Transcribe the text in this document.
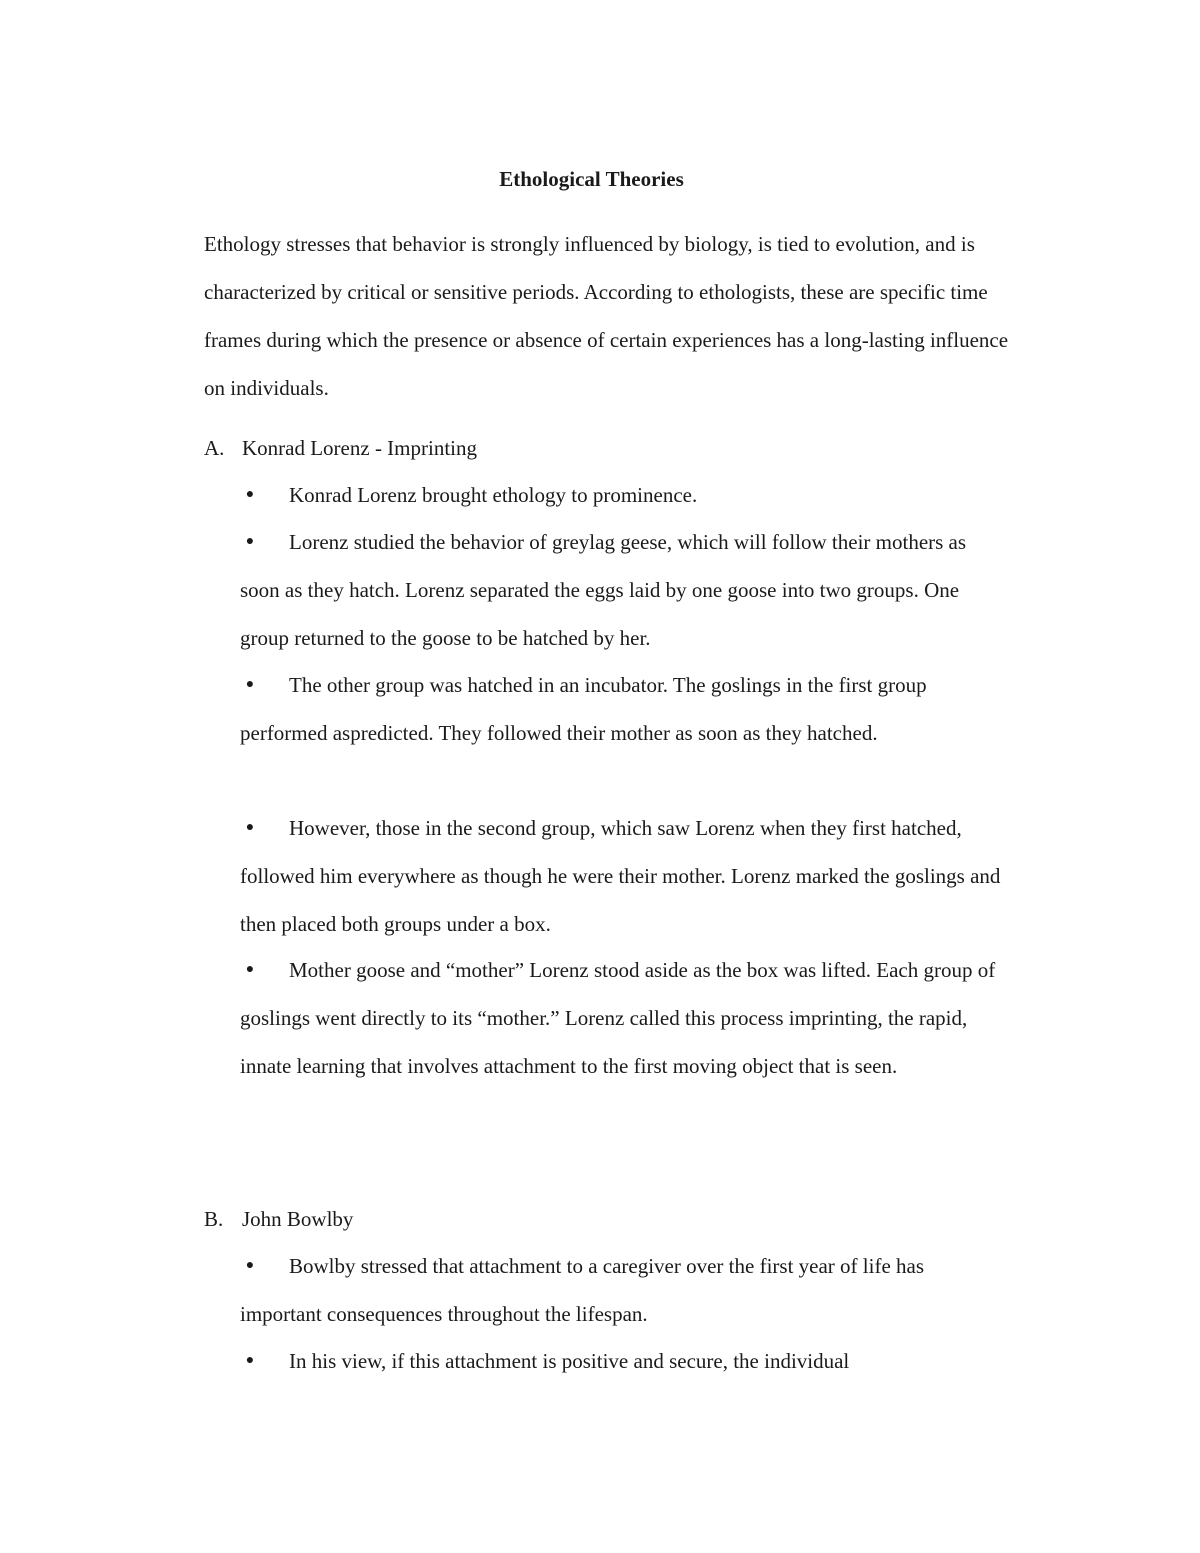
Ethological Theories

Ethology stresses that behavior is strongly influenced by biology, is tied to evolution, and is characterized by critical or sensitive periods. According to ethologists, these are specific time frames during which the presence or absence of certain experiences has a long-lasting influence on individuals.

A. Konrad Lorenz - Imprinting
●	Konrad Lorenz brought ethology to prominence.
●	Lorenz studied the behavior of greylag geese, which will follow their mothers as soon as they hatch. Lorenz separated the eggs laid by one goose into two groups. One group returned to the goose to be hatched by her.
●	The other group was hatched in an incubator. The goslings in the first group performed aspredicted. They followed their mother as soon as they hatched.
●	However, those in the second group, which saw Lorenz when they first hatched, followed him everywhere as though he were their mother. Lorenz marked the goslings and then placed both groups under a box.
●	Mother goose and “mother” Lorenz stood aside as the box was lifted. Each group of goslings went directly to its “mother.” Lorenz called this process imprinting, the rapid, innate learning that involves attachment to the first moving object that is seen.
B. John Bowlby
●	Bowlby stressed that attachment to a caregiver over the first year of life has important consequences throughout the lifespan.
●	In his view, if this attachment is positive and secure, the individual
